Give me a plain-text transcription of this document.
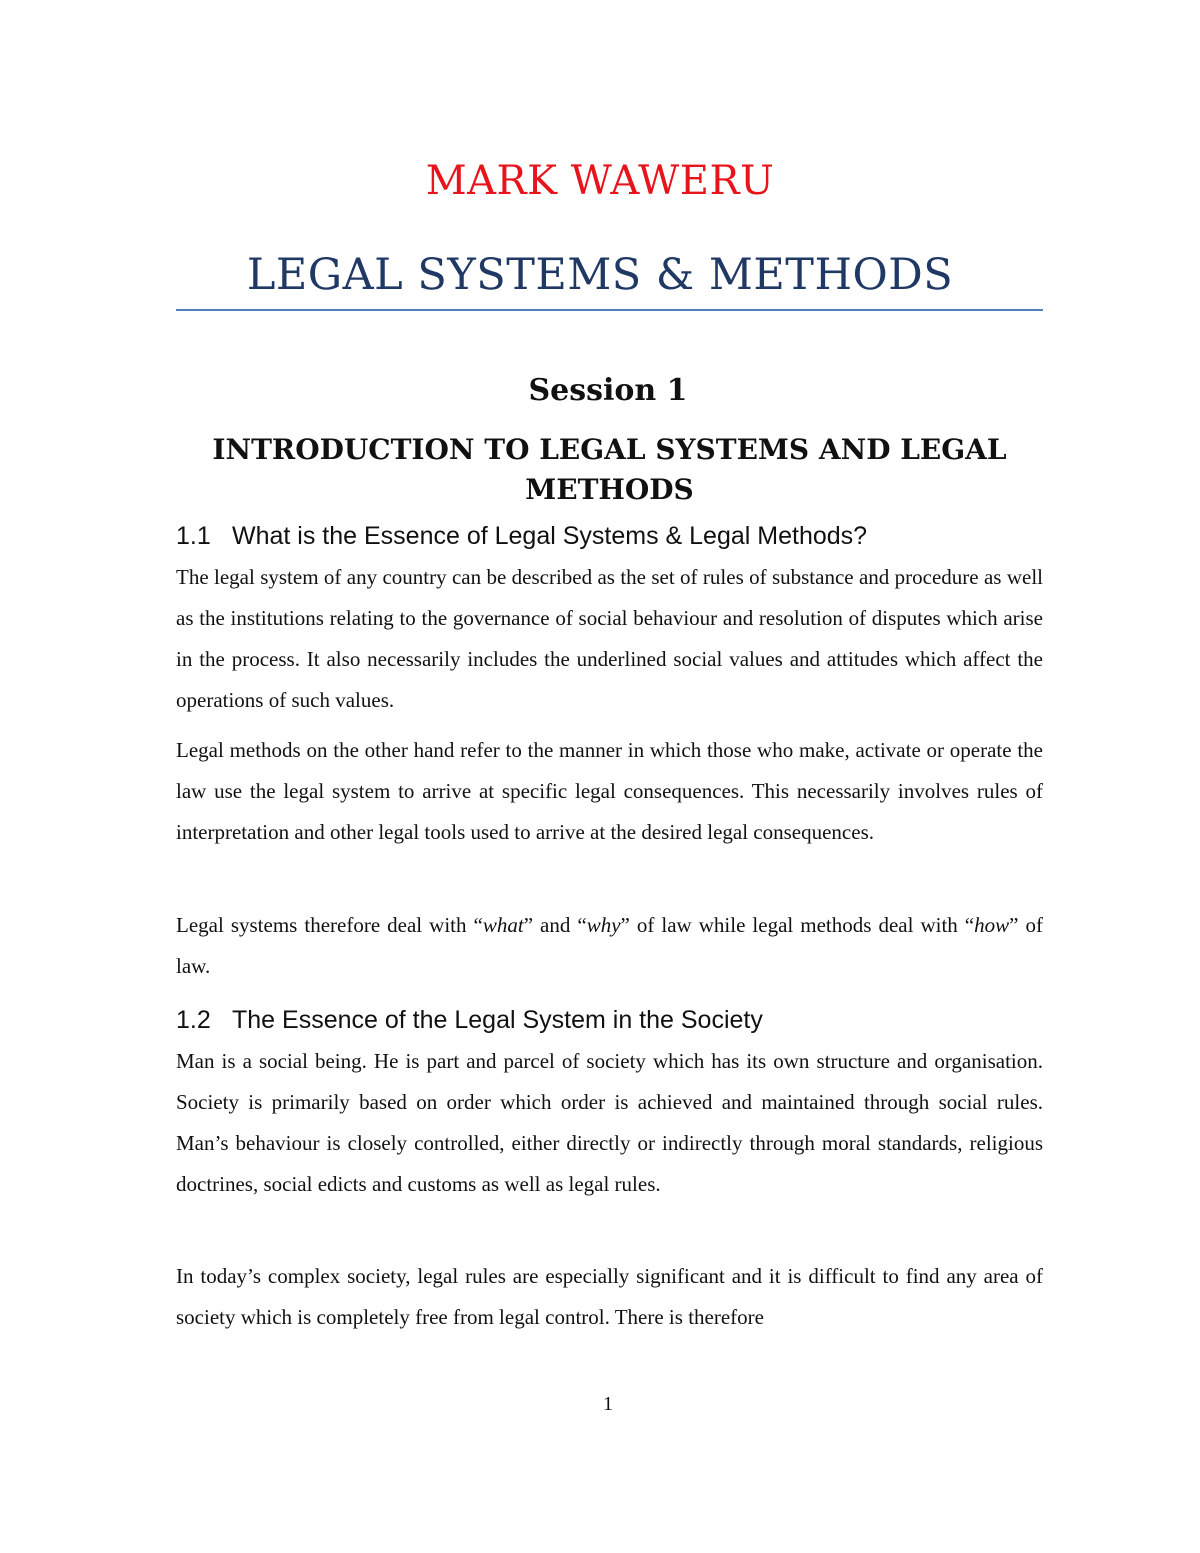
MARK WAWERU
LEGAL SYSTEMS & METHODS
Session 1
INTRODUCTION TO LEGAL SYSTEMS AND LEGAL METHODS
1.1 What is the Essence of Legal Systems & Legal Methods?

The legal system of any country can be described as the set of rules of substance and procedure as well as the institutions relating to the governance of social behaviour and resolution of disputes which arise in the process. It also necessarily includes the underlined social values and attitudes which affect the operations of such values.

Legal methods on the other hand refer to the manner in which those who make, activate or operate the law use the legal system to arrive at specific legal consequences. This necessarily involves rules of interpretation and other legal tools used to arrive at the desired legal consequences.

Legal systems therefore deal with “what” and “why” of law while legal methods deal with “how” of law.

1.2 The Essence of the Legal System in the Society

Man is a social being. He is part and parcel of society which has its own structure and organisation. Society is primarily based on order which order is achieved and maintained through social rules. Man’s behaviour is closely controlled, either directly or indirectly through moral standards, religious doctrines, social edicts and customs as well as legal rules.

In today’s complex society, legal rules are especially significant and it is difficult to find any area of society which is completely free from legal control. There is therefore

1
